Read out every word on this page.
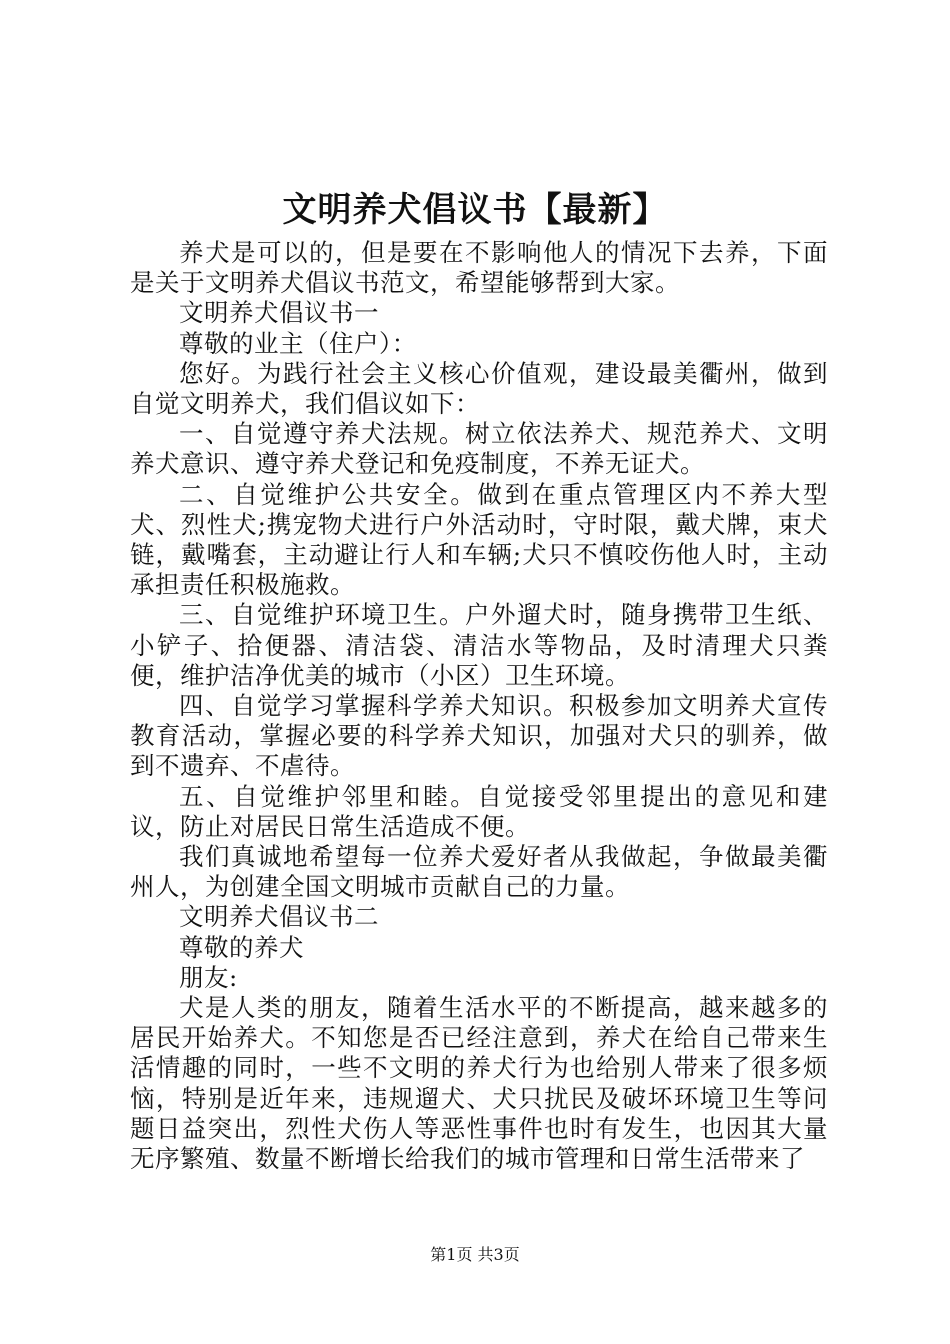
文明养犬倡议书【最新】

养犬是可以的，但是要在不影响他人的情况下去养，下面是关于文明养犬倡议书范文，希望能够帮到大家。

文明养犬倡议书一

尊敬的业主（住户）：

您好。为践行社会主义核心价值观，建设最美衢州，做到自觉文明养犬，我们倡议如下：

一、自觉遵守养犬法规。树立依法养犬、规范养犬、文明养犬意识、遵守养犬登记和免疫制度，不养无证犬。

二、自觉维护公共安全。做到在重点管理区内不养大型犬、烈性犬;携宠物犬进行户外活动时，守时限，戴犬牌，束犬链，戴嘴套，主动避让行人和车辆;犬只不慎咬伤他人时，主动承担责任积极施救。

三、自觉维护环境卫生。户外遛犬时，随身携带卫生纸、小铲子、拾便器、清洁袋、清洁水等物品，及时清理犬只粪便，维护洁净优美的城市（小区）卫生环境。

四、自觉学习掌握科学养犬知识。积极参加文明养犬宣传教育活动，掌握必要的科学养犬知识，加强对犬只的驯养，做到不遗弃、不虐待。

五、自觉维护邻里和睦。自觉接受邻里提出的意见和建议，防止对居民日常生活造成不便。

我们真诚地希望每一位养犬爱好者从我做起，争做最美衢州人，为创建全国文明城市贡献自己的力量。

文明养犬倡议书二

尊敬的养犬

朋友:

犬是人类的朋友，随着生活水平的不断提高，越来越多的居民开始养犬。不知您是否已经注意到，养犬在给自己带来生活情趣的同时，一些不文明的养犬行为也给别人带来了很多烦恼，特别是近年来，违规遛犬、犬只扰民及破坏环境卫生等问题日益突出，烈性犬伤人等恶性事件也时有发生，也因其大量无序繁殖、数量不断增长给我们的城市管理和日常生活带来了

第1页 共3页
